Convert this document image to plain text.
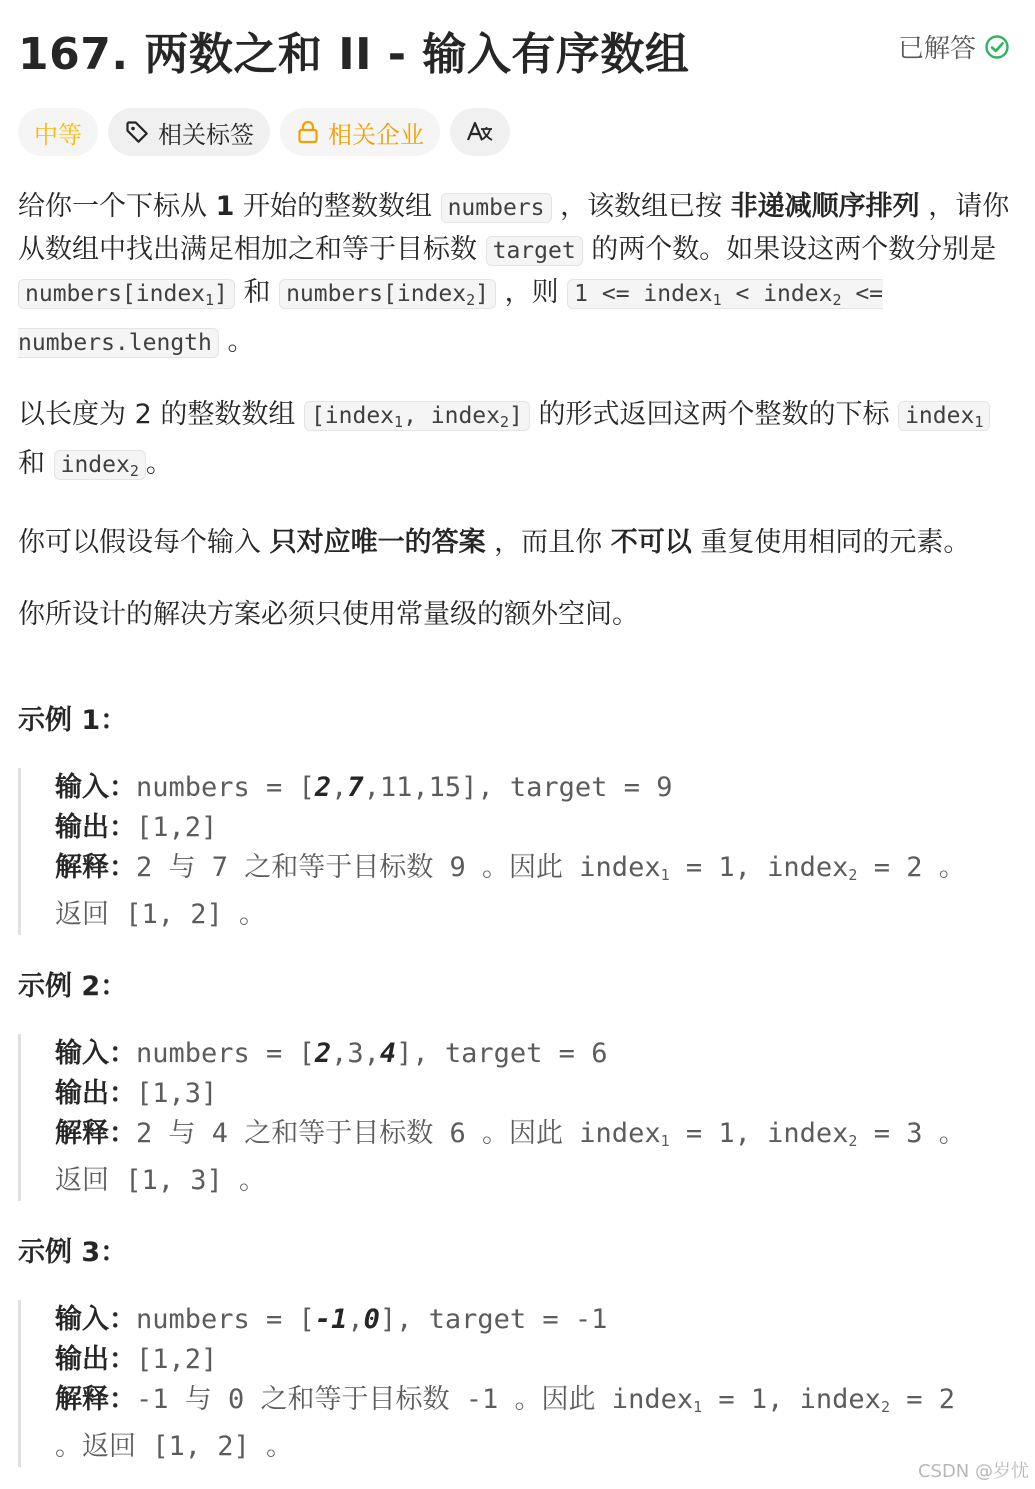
167. 两数之和 II - 输入有序数组	已解答
中等	相关标签	相关企业

给你一个下标从 1 开始的整数数组 numbers ，该数组已按 非递减顺序排列 ，请你从数组中找出满足相加之和等于目标数 target 的两个数。如果设这两个数分别是 numbers[index$_1$] 和 numbers[index$_2$] ，则 1 <= index$_1$ < index$_2$ <= numbers.length 。

以长度为 2 的整数数组 [index$_1$, index$_2$] 的形式返回这两个整数的下标 index$_1$ 和 index$_2$ 。

你可以假设每个输入 只对应唯一的答案 ，而且你 不可以 重复使用相同的元素。

你所设计的解决方案必须只使用常量级的额外空间。

示例 1：
输入：numbers = [2,7,11,15], target = 9
输出：[1,2]
解释：2 与 7 之和等于目标数 9 。因此 index$_1$ = 1, index$_2$ = 2 。
返回 [1, 2] 。
示例 2：
输入：numbers = [2,3,4], target = 6
输出：[1,3]
解释：2 与 4 之和等于目标数 6 。因此 index$_1$ = 1, index$_2$ = 3 。
返回 [1, 3] 。
示例 3：
输入：numbers = [-1,0], target = -1
输出：[1,2]
解释：-1 与 0 之和等于目标数 -1 。因此 index$_1$ = 1, index$_2$ = 2
。返回 [1, 2] 。
CSDN @岁忧
